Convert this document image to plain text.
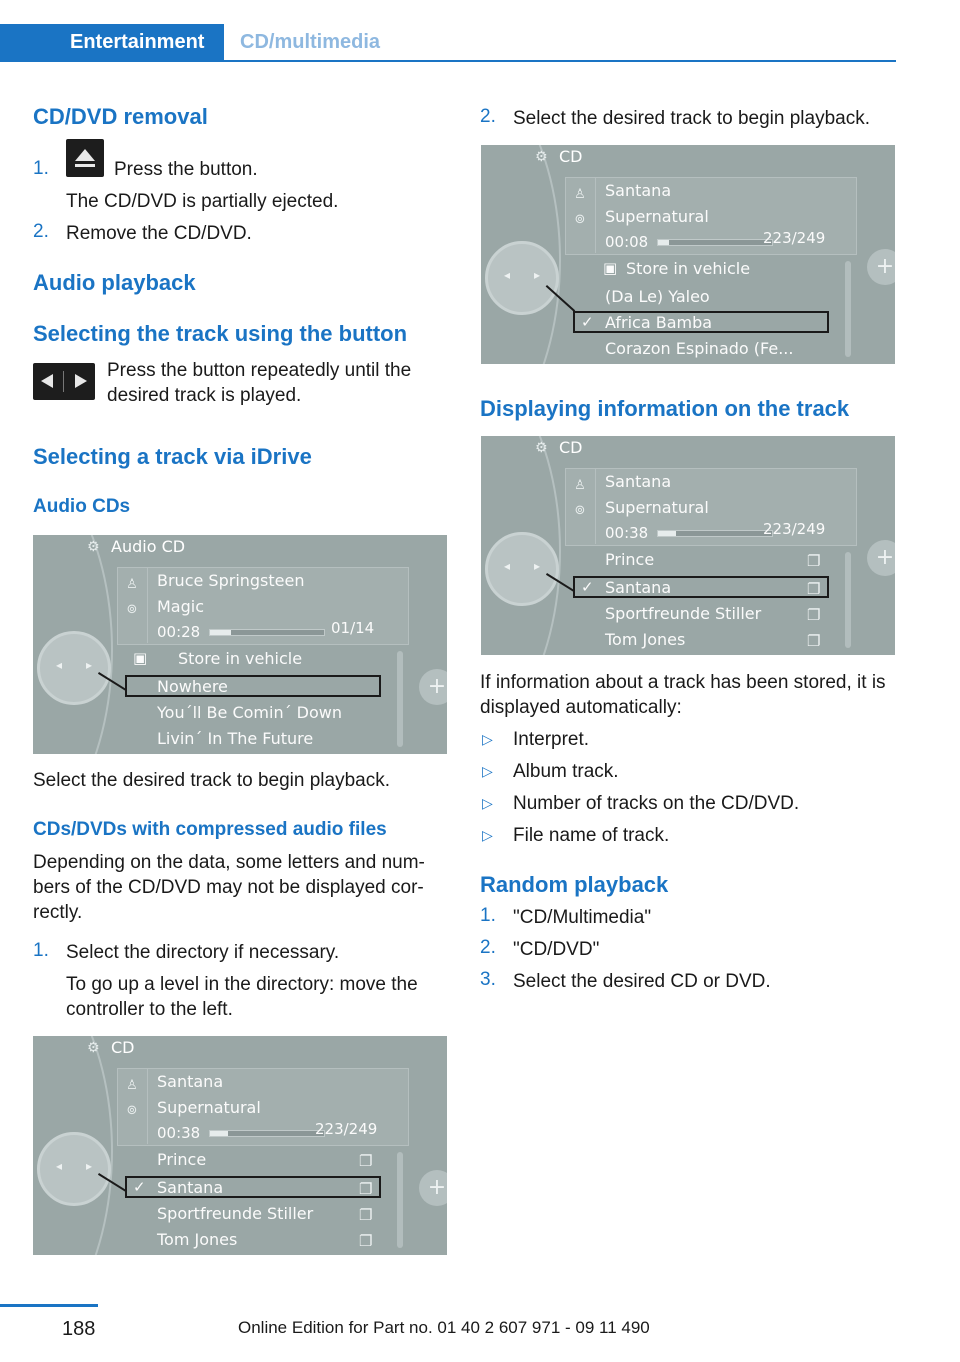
Entertainment CD/multimedia
CD/DVD removal
1.	Press the button.
The CD/DVD is partially ejected.
2. Remove the CD/DVD.
Audio playback
Selecting the track using the button
Press the button repeatedly until the
desired track is played.
Selecting a track via iDrive
Audio CDs
⚙ Audio CD
♙
⊚
Bruce Springsteen
Magic
00:28	01/14
◂ ▸	▣ Store in vehicle
Nowhere
You´ll Be Comin´ Down
Livin´ In The Future
+
Select the desired track to begin playback.
CDs/DVDs with compressed audio files
Depending on the data, some letters and num-
bers of the CD/DVD may not be displayed cor-
rectly.
1. Select the directory if necessary.
To go up a level in the directory: move the
controller to the left.
⚙ CD
♙
⊚
Santana
Supernatural
00:38	223/249
◂ ▸	Prince
✓ Santana
Sportfreunde Stiller
Tom Jones
❐
❐
❐
❐
+
2. Select the desired track to begin playback.
⚙ CD
♙
⊚
Santana
Supernatural
00:08	223/249
◂ ▸	▣ Store in vehicle
(Da Le) Yaleo
✓ Africa Bamba
Corazon Espinado (Fe...
+
Displaying information on the track
⚙ CD
♙
⊚
Santana
Supernatural
00:38	223/249
◂ ▸	Prince
✓ Santana
Sportfreunde Stiller
Tom Jones
❐
❐
❐
❐
+
If information about a track has been stored, it is
displayed automatically:
▷ Interpret.
▷ Album track.
▷ Number of tracks on the CD/DVD.
▷ File name of track.
Random playback
1. "CD/Multimedia"
2. "CD/DVD"
3. Select the desired CD or DVD.
188	Online Edition for Part no. 01 40 2 607 971 - 09 11 490
